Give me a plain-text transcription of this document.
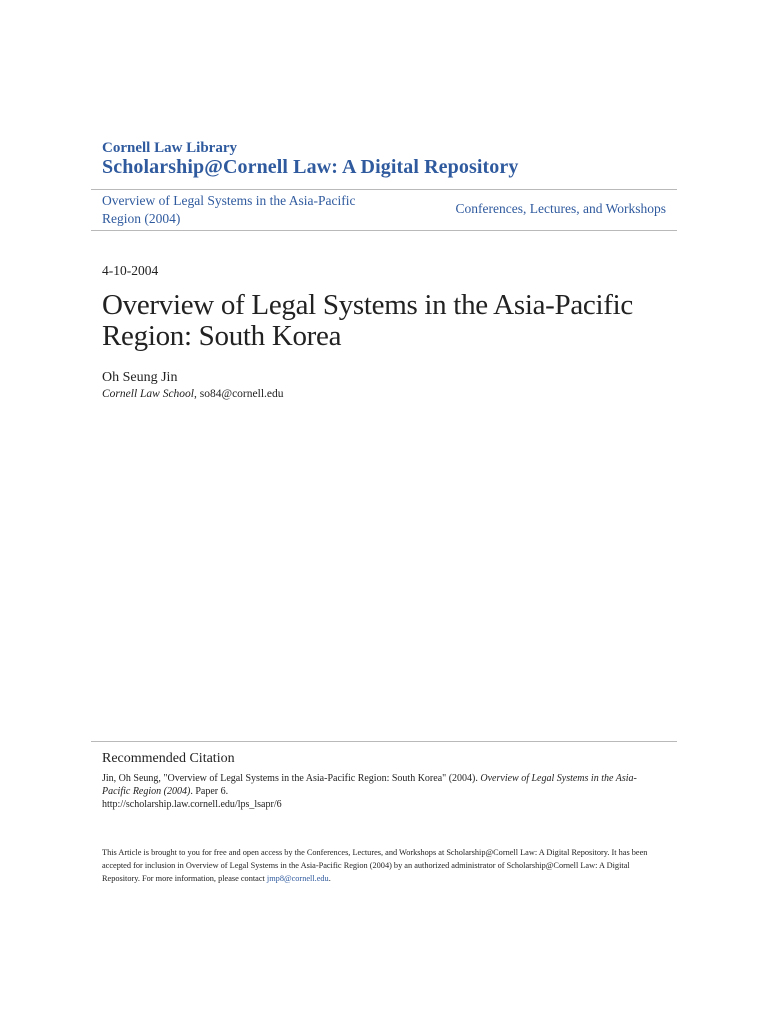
Cornell Law Library
Scholarship@Cornell Law: A Digital Repository
Overview of Legal Systems in the Asia-Pacific Region (2004)
Conferences, Lectures, and Workshops
4-10-2004
Overview of Legal Systems in the Asia-Pacific Region: South Korea
Oh Seung Jin
Cornell Law School, so84@cornell.edu
Recommended Citation
Jin, Oh Seung, "Overview of Legal Systems in the Asia-Pacific Region: South Korea" (2004). Overview of Legal Systems in the Asia-Pacific Region (2004). Paper 6.
http://scholarship.law.cornell.edu/lps_lsapr/6
This Article is brought to you for free and open access by the Conferences, Lectures, and Workshops at Scholarship@Cornell Law: A Digital Repository. It has been accepted for inclusion in Overview of Legal Systems in the Asia-Pacific Region (2004) by an authorized administrator of Scholarship@Cornell Law: A Digital Repository. For more information, please contact jmp8@cornell.edu.
